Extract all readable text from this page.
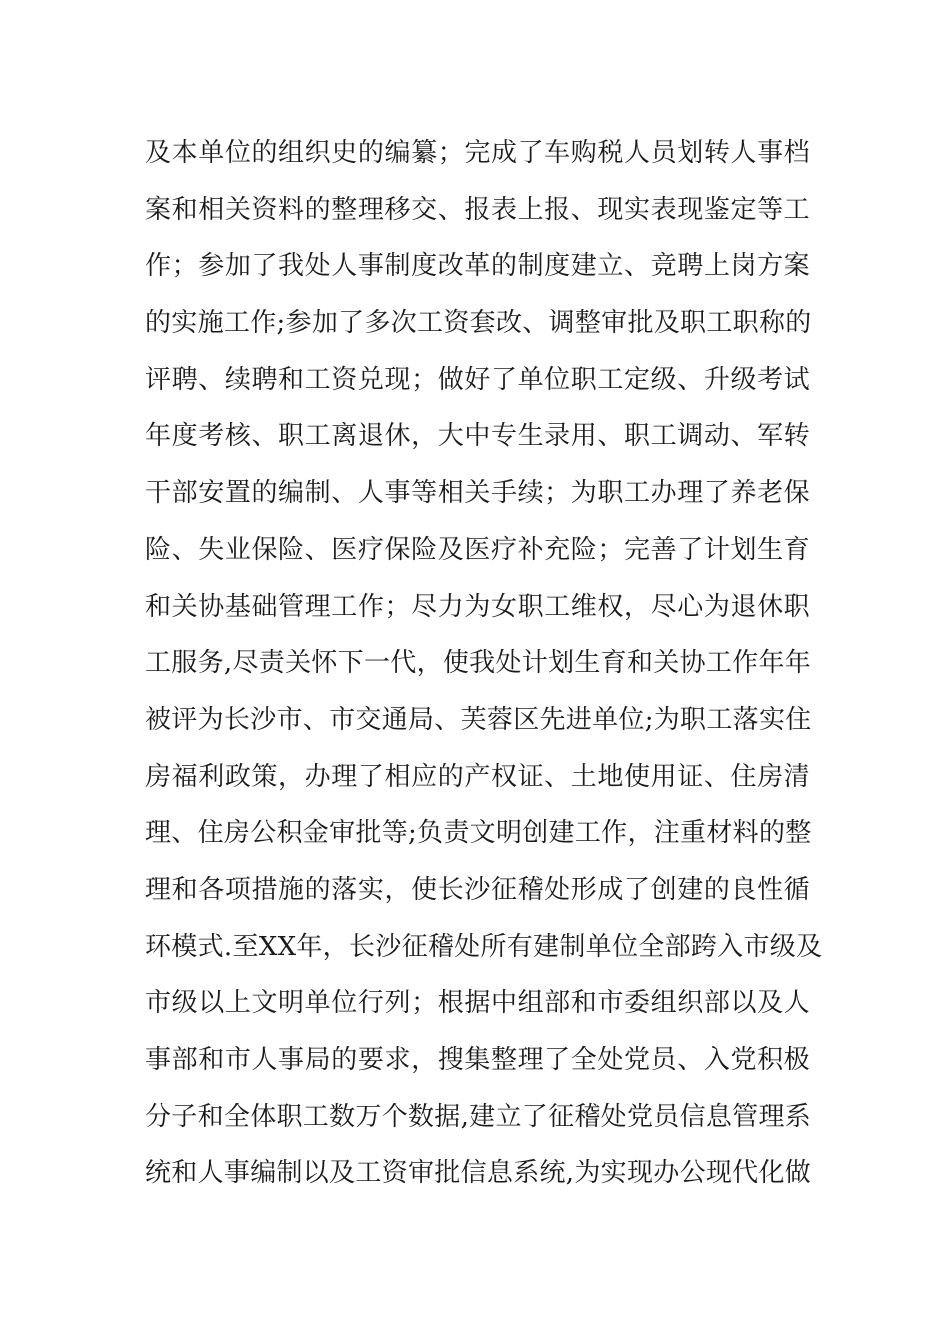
及本单位的组织史的编纂；完成了车购税人员划转人事档
案和相关资料的整理移交、报表上报、现实表现鉴定等工
作；参加了我处人事制度改革的制度建立、竞聘上岗方案
的实施工作;参加了多次工资套改、调整审批及职工职称的
评聘、续聘和工资兑现；做好了单位职工定级、升级考试
年度考核、职工离退休，大中专生录用、职工调动、军转
干部安置的编制、人事等相关手续；为职工办理了养老保
险、失业保险、医疗保险及医疗补充险；完善了计划生育
和关协基础管理工作；尽力为女职工维权，尽心为退休职
工服务,尽责关怀下一代，使我处计划生育和关协工作年年
被评为长沙市、市交通局、芙蓉区先进单位;为职工落实住
房福利政策，办理了相应的产权证、土地使用证、住房清
理、住房公积金审批等;负责文明创建工作，注重材料的整
理和各项措施的落实，使长沙征稽处形成了创建的良性循
环模式.至XX年，长沙征稽处所有建制单位全部跨入市级及
市级以上文明单位行列；根据中组部和市委组织部以及人
事部和市人事局的要求，搜集整理了全处党员、入党积极
分子和全体职工数万个数据,建立了征稽处党员信息管理系
统和人事编制以及工资审批信息系统,为实现办公现代化做
